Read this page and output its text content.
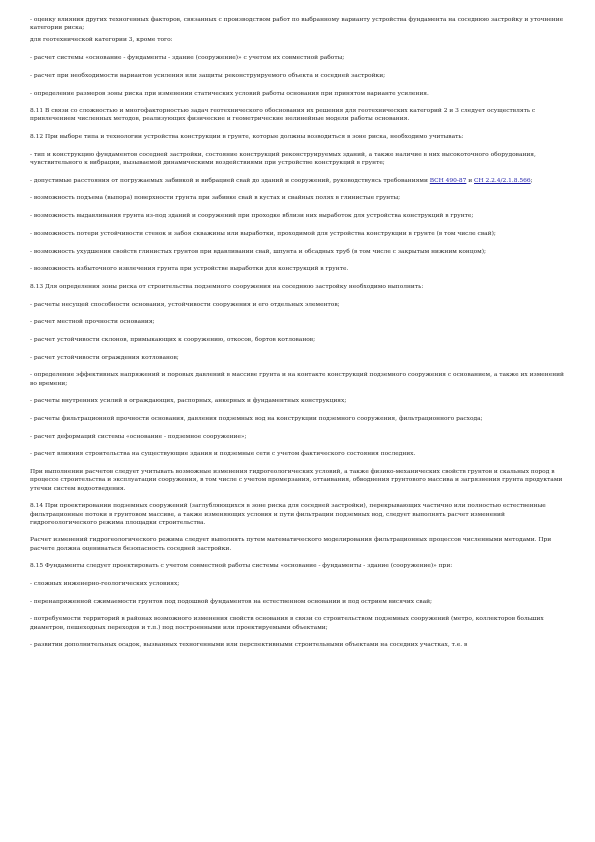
- оценку влияния других техногенных факторов, связанных с производством работ по выбранному варианту устройства фундамента на соседнюю застройку и уточнение категории риска;

для геотехнической категории 3, кроме того:

- расчет системы «основание - фундаменты - здание (сооружение)» с учетом их совместной работы;

- расчет при необходимости вариантов усиления или защиты реконструируемого объекта и соседней застройки;

- определение размеров зоны риска при изменении статических условий работы основания при принятом варианте усиления.

8.11 В связи со сложностью и многофакторностью задач геотехнического обоснования их решения для геотехнических категорий 2 и 3 следует осуществлять с привлечением численных методов, реализующих физические и геометрические нелинейные модели работы основания.

8.12 При выборе типа и технологии устройства конструкции в грунте, которые должны возводиться в зоне риска, необходимо учитывать:

- тип и конструкцию фундаментов соседней застройки, состояние конструкций реконструируемых зданий, а также наличие в них высокоточного оборудования, чувствительного к вибрации, вызываемой динамическими воздействиями при устройстве конструкций в грунте;

- допустимые расстояния от погружаемых забивкой и вибрацией свай до зданий и сооружений, руководствуясь требованиями ВСН 490-87 и СН 2.2.4/2.1.8.566;

- возможность подъема (выпора) поверхности грунта при забивке свай в кустах и свайных полях в глинистые грунты;

- возможность выдавливания грунта из-под зданий и сооружений при проходке вблизи них выработок для устройства конструкций в грунте;

- возможность потери устойчивости стенок и забоя скважины или выработки, проходимой для устройства конструкции в грунте (в том числе свай);

- возможность ухудшения свойств глинистых грунтов при вдавливании свай, шпунта и обсадных труб (в том числе с закрытым нижним концом);

- возможность избыточного извлечения грунта при устройстве выработки для конструкций в грунте.

8.13 Для определения зоны риска от строительства подземного сооружения на соседнюю застройку необходимо выполнить:

- расчеты несущей способности основания, устойчивости сооружения и его отдельных элементов;

- расчет местной прочности основания;

- расчет устойчивости склонов, примыкающих к сооружению, откосов, бортов котлованов;

- расчет устойчивости ограждения котлованов;

- определение эффективных напряжений и поровых давлений в массиве грунта и на контакте конструкций подземного сооружения с основанием, а также их изменений во времени;

- расчеты внутренних усилий в ограждающих, распорных, анкерных и фундаментных конструкциях;

- расчеты фильтрационной прочности основания, давления подземных вод на конструкции подземного сооружения, фильтрационного расхода;

- расчет деформаций системы «основание - подземное сооружение»;

- расчет влияния строительства на существующие здания и подземные сети с учетом фактического состояния последних.

При выполнении расчетов следует учитывать возможные изменения гидрогеологических условий, а также физико-механических свойств грунтов и скальных пород в процессе строительства и эксплуатации сооружения, в том числе с учетом промерзания, оттаивания, обводнения грунтового массива и загрязнения грунта продуктами утечки систем водоотведения.

8.14 При проектировании подземных сооружений (заглубляющихся в зоне риска для соседней застройки), перекрывающих частично или полностью естественные фильтрационные потоки в грунтовом массиве, а также изменяющих условия и пути фильтрации подземных вод, следует выполнять расчет изменений гидрогеологического режима площадки строительства.

Расчет изменений гидрогеологического режима следует выполнять путем математического моделирования фильтрационных процессов численными методами. При расчете должна оцениваться безопасность соседней застройки.

8.15 Фундаменты следует проектировать с учетом совместной работы системы «основание - фундаменты - здание (сооружение)» при:

- сложных инженерно-геологических условиях;

- перенапряженной сжимаемости грунтов под подошвой фундаментов на естественном основании и под острием висячих свай;

- потребуемости территорий в районах возможного изменения свойств основания в связи со строительством подземных сооружений (метро, коллекторов больших диаметров, пешеходных переходов и т.п.) под построенными или проектируемыми объектами;

- развитии дополнительных осадок, вызванных техногенными или перспективными строительными объектами на соседних участках, т.е. в
